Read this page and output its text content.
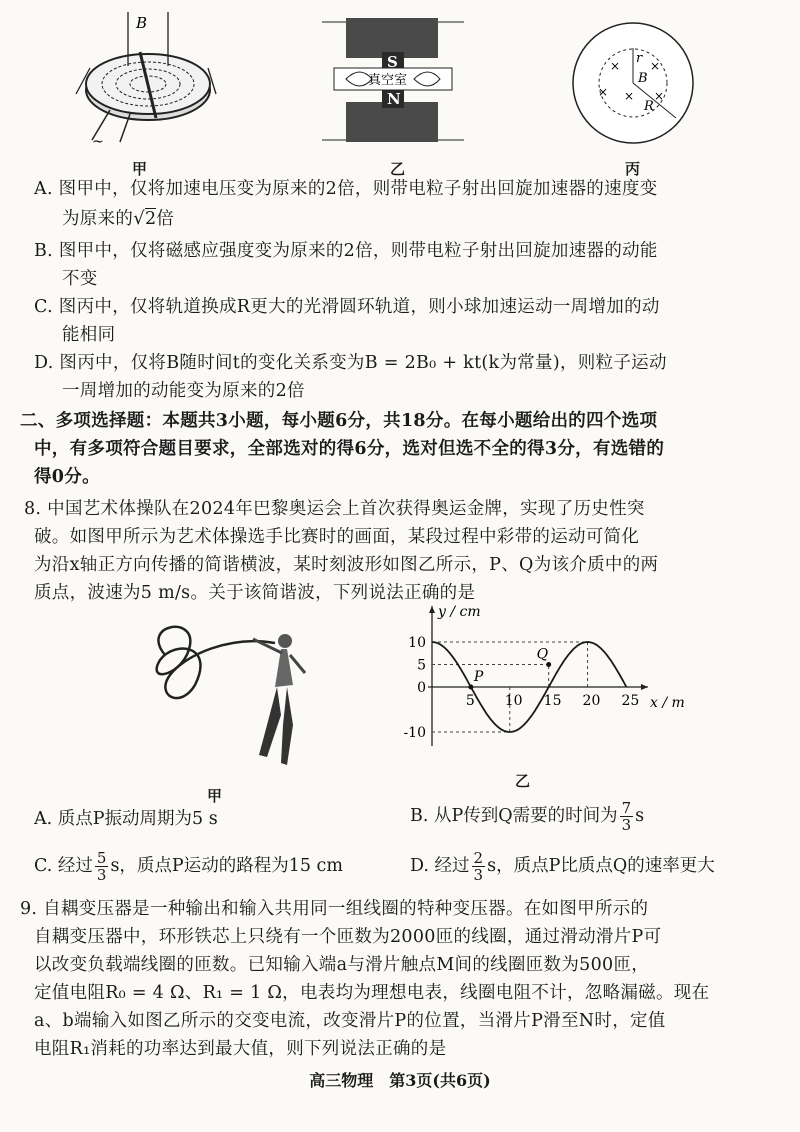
B
~
甲
S
N
真空室
乙
× ×
× × ×
r
B
R
丙
A. 图甲中，仅将加速电压变为原来的2倍，则带电粒子射出回旋加速器的速度变
为原来的√2倍
B. 图甲中，仅将磁感应强度变为原来的2倍，则带电粒子射出回旋加速器的动能
不变
C. 图丙中，仅将轨道换成R更大的光滑圆环轨道，则小球加速运动一周增加的动
能相同
D. 图丙中，仅将B随时间t的变化关系变为B = 2B₀ + kt(k为常量)，则粒子运动
一周增加的动能变为原来的2倍
二、多项选择题：本题共3小题，每小题6分，共18分。在每小题给出的四个选项
中，有多项符合题目要求，全部选对的得6分，选对但选不全的得3分，有选错的
得0分。
8. 中国艺术体操队在2024年巴黎奥运会上首次获得奥运金牌，实现了历史性突
破。如图甲所示为艺术体操选手比赛时的画面，某段过程中彩带的运动可简化
为沿x轴正方向传播的简谐横波，某时刻波形如图乙所示，P、Q为该介质中的两
质点，波速为5 m/s。关于该简谐波，下列说法正确的是
甲
5 10 15 20 25
10
5
0
-10
P
Q
y / cm
x / m
乙
A. 质点P振动周期为5 s	B. 从P传到Q需要的时间为 $\frac{7}{3}$ s
C. 经过 $\frac{5}{3}$ s，质点P运动的路程为15 cm	D. 经过 $\frac{2}{3}$ s，质点P比质点Q的速率更大
9. 自耦变压器是一种输出和输入共用同一组线圈的特种变压器。在如图甲所示的
自耦变压器中，环形铁芯上只绕有一个匝数为2000匝的线圈，通过滑动滑片P可
以改变负载端线圈的匝数。已知输入端a与滑片触点M间的线圈匝数为500匝，
定值电阻R₀ = 4 Ω、R₁ = 1 Ω，电表均为理想电表，线圈电阻不计，忽略漏磁。现在
a、b端输入如图乙所示的交变电流，改变滑片P的位置，当滑片P滑至N时，定值
电阻R₁消耗的功率达到最大值，则下列说法正确的是
高三物理　第3页(共6页)
